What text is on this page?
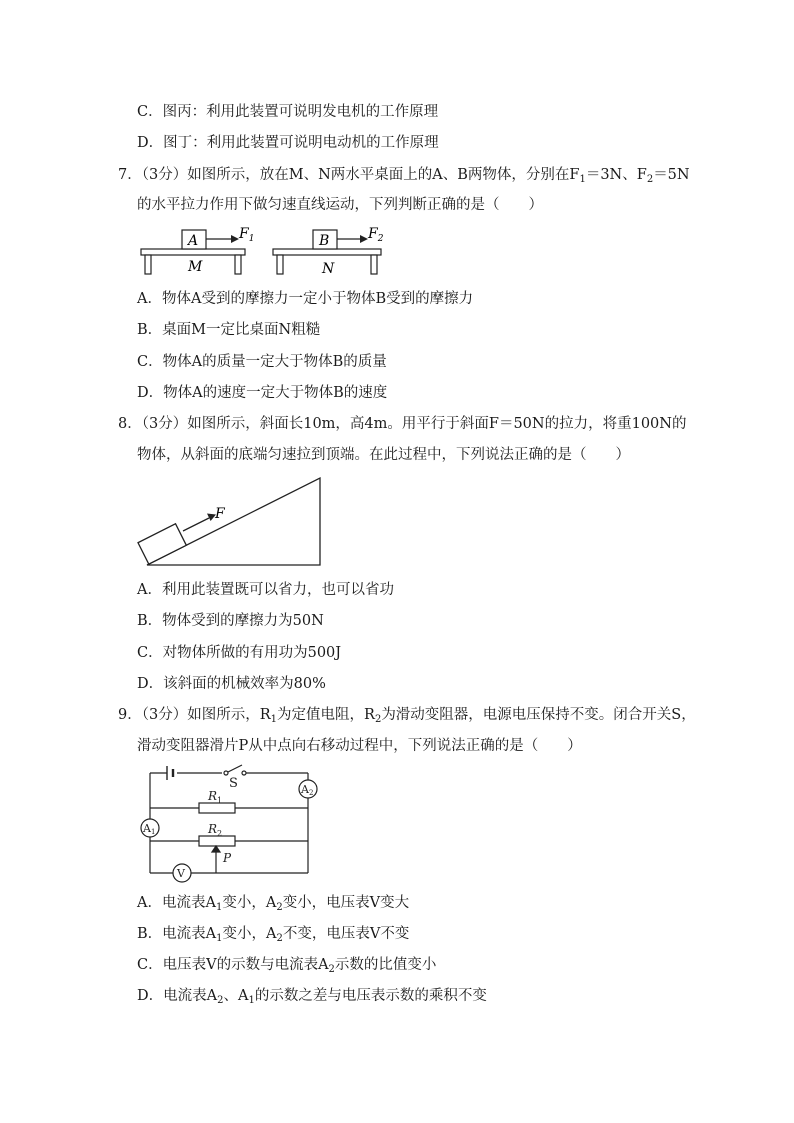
C．图丙：利用此装置可说明发电机的工作原理
D．图丁：利用此装置可说明电动机的工作原理
7．（3分）如图所示，放在M、N两水平桌面上的A、B两物体，分别在$F_1=3N$、$F_2=5N$
的水平拉力作用下做匀速直线运动，下列判断正确的是（　　）
A	$F_1$
M
B	$F_2$
N
A．物体A受到的摩擦力一定小于物体B受到的摩擦力
B．桌面M一定比桌面N粗糙
C．物体A的质量一定大于物体B的质量
D．物体A的速度一定大于物体B的速度
8．（3分）如图所示，斜面长10m，高4m。用平行于斜面F＝50N的拉力，将重100N的
物体，从斜面的底端匀速拉到顶端。在此过程中，下列说法正确的是（　　）
F
A．利用此装置既可以省力，也可以省功
B．物体受到的摩擦力为50N
C．对物体所做的有用功为500J
D．该斜面的机械效率为80%
9．（3分）如图所示，$R_1$为定值电阻，$R_2$为滑动变阻器，电源电压保持不变。闭合开关S，
滑动变阻器滑片P从中点向右移动过程中，下列说法正确的是（　　）
S	A2
$R_1$
A1	$R_2$
P
V
A．电流表$A_1$变小，$A_2$变小，电压表V变大
B．电流表$A_1$变小，$A_2$不变，电压表V不变
C．电压表V的示数与电流表$A_2$示数的比值变小
D．电流表$A_2$、$A_1$的示数之差与电压表示数的乘积不变
